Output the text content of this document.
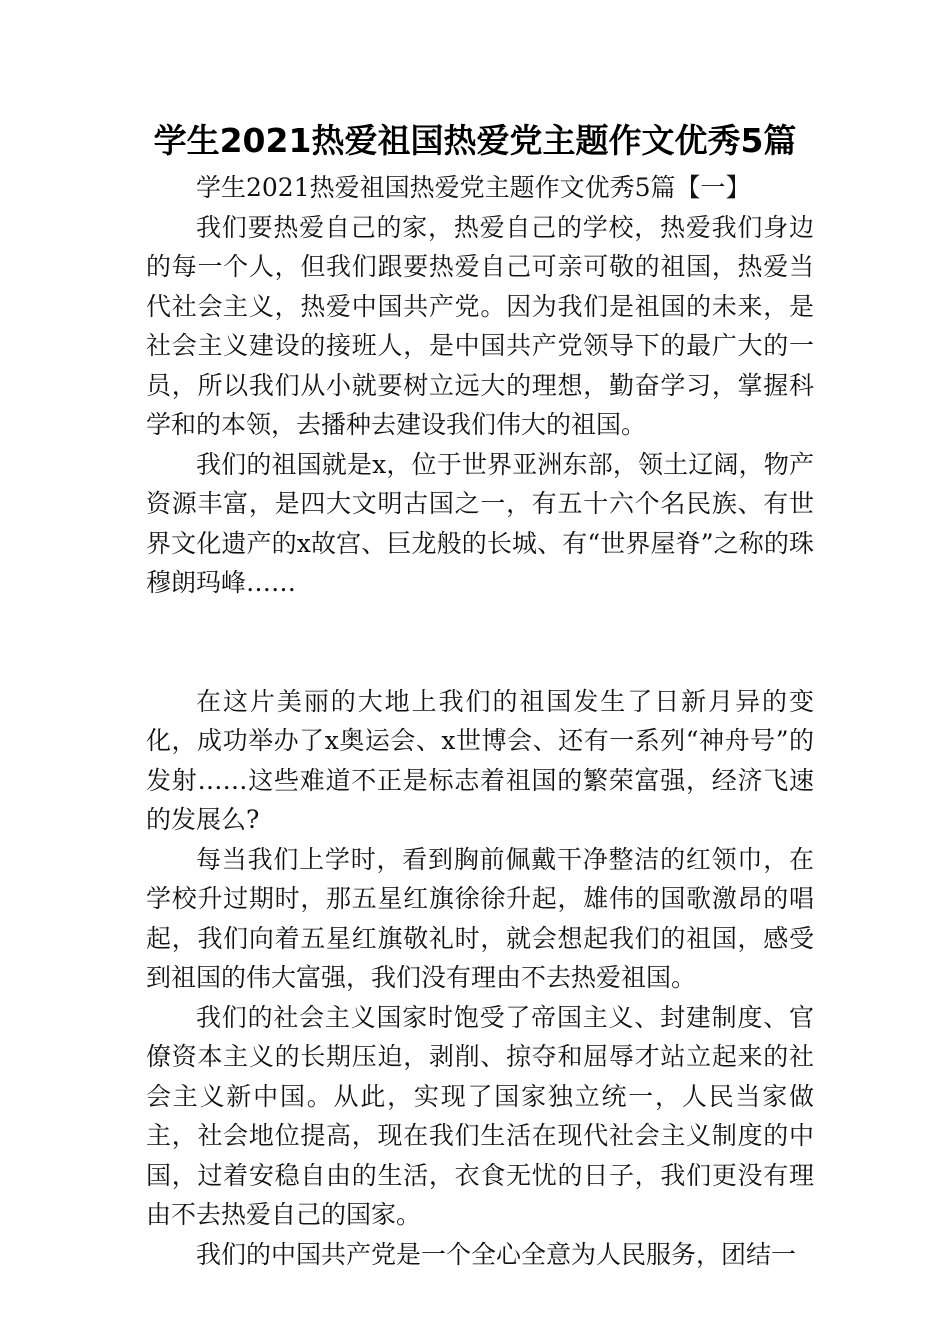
学生2021热爱祖国热爱党主题作文优秀5篇

学生2021热爱祖国热爱党主题作文优秀5篇【一】

我们要热爱自己的家，热爱自己的学校，热爱我们身边的每一个人，但我们跟要热爱自己可亲可敬的祖国，热爱当代社会主义，热爱中国共产党。因为我们是祖国的未来，是社会主义建设的接班人，是中国共产党领导下的最广大的一员，所以我们从小就要树立远大的理想，勤奋学习，掌握科学和的本领，去播种去建设我们伟大的祖国。

我们的祖国就是x，位于世界亚洲东部，领土辽阔，物产资源丰富，是四大文明古国之一，有五十六个名民族、有世界文化遗产的x故宫、巨龙般的长城、有“世界屋脊”之称的珠穆朗玛峰……

在这片美丽的大地上我们的祖国发生了日新月异的变化，成功举办了x奥运会、x世博会、还有一系列“神舟号”的发射……这些难道不正是标志着祖国的繁荣富强，经济飞速的发展么?

每当我们上学时，看到胸前佩戴干净整洁的红领巾，在学校升过期时，那五星红旗徐徐升起，雄伟的国歌激昂的唱起，我们向着五星红旗敬礼时，就会想起我们的祖国，感受到祖国的伟大富强，我们没有理由不去热爱祖国。

我们的社会主义国家时饱受了帝国主义、封建制度、官僚资本主义的长期压迫，剥削、掠夺和屈辱才站立起来的社会主义新中国。从此，实现了国家独立统一，人民当家做主，社会地位提高，现在我们生活在现代社会主义制度的中国，过着安稳自由的生活，衣食无忧的日子，我们更没有理由不去热爱自己的国家。

我们的中国共产党是一个全心全意为人民服务，团结一
